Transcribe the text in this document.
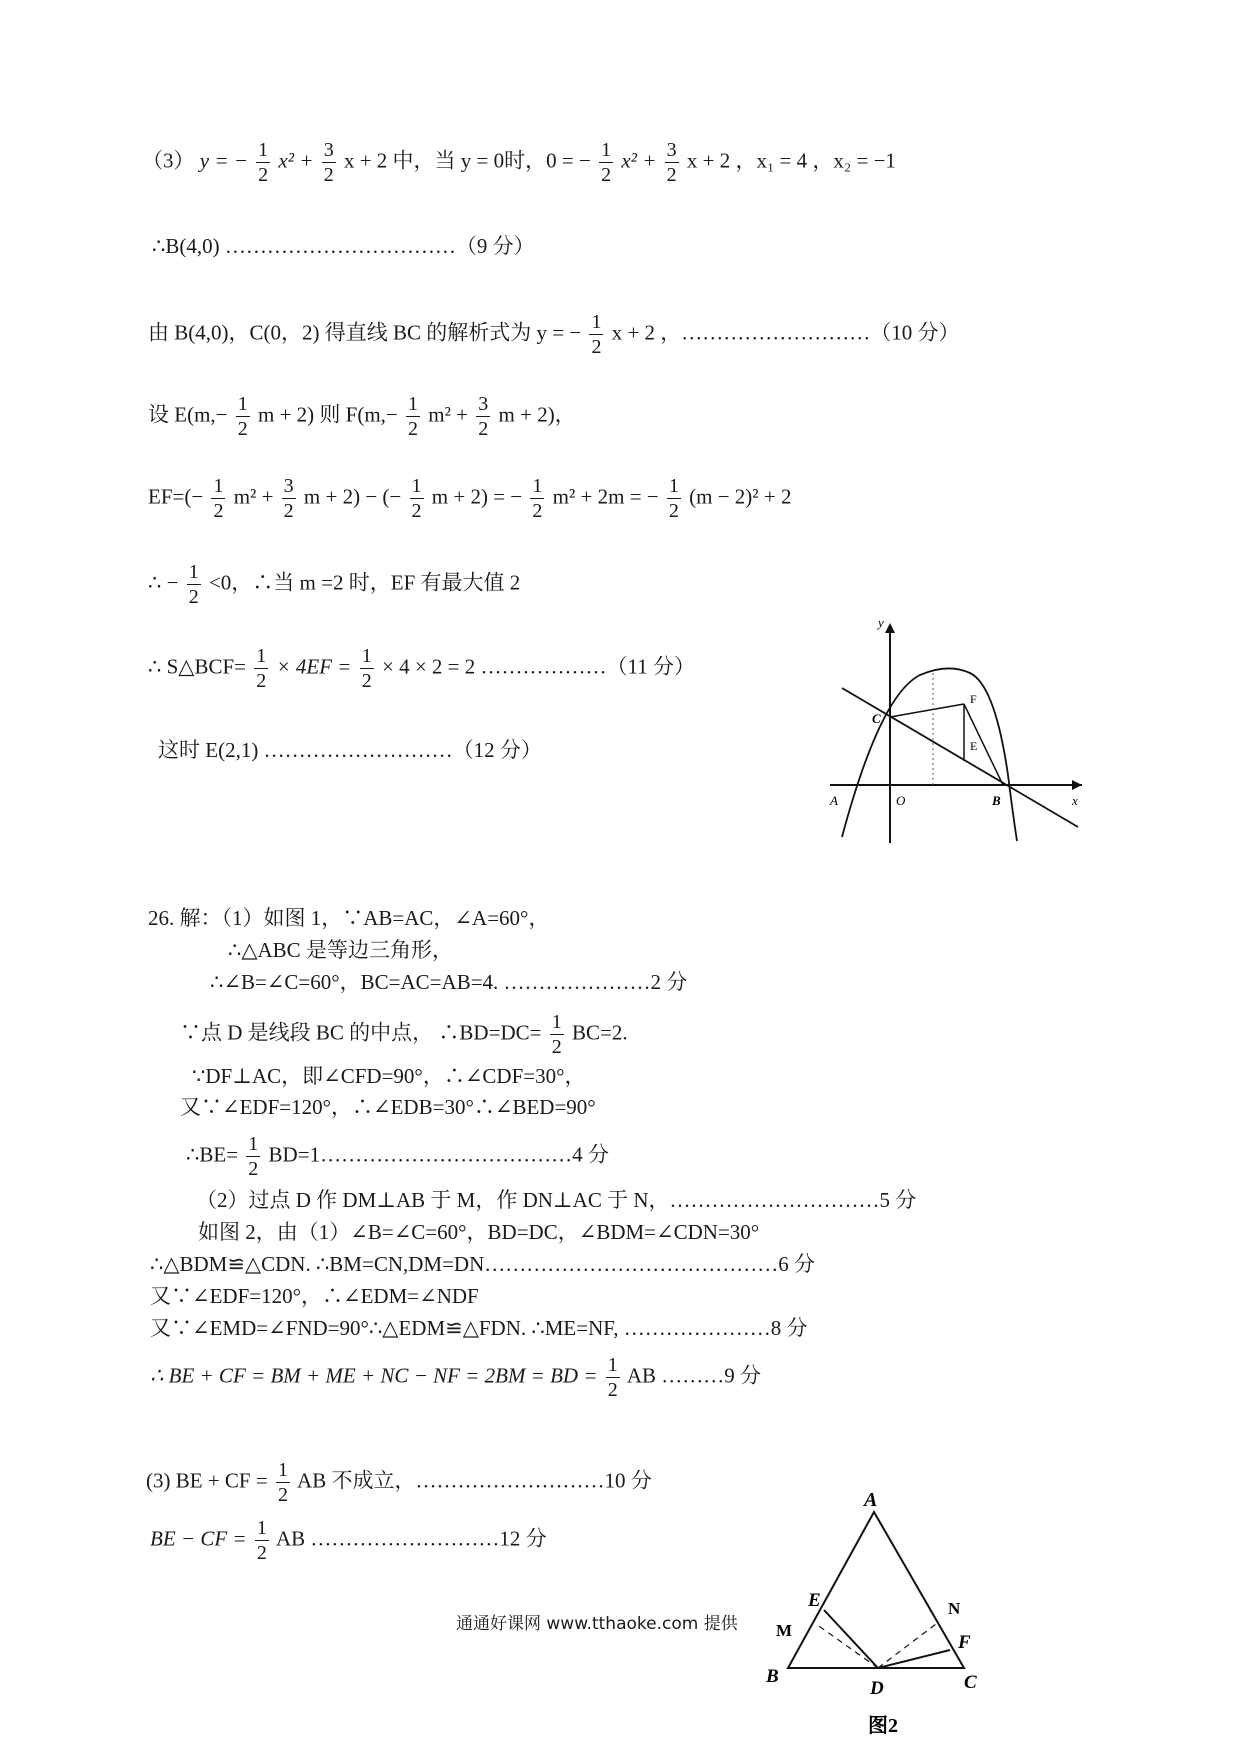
（3） y = − $\frac{1}{2} x^2 + \frac{3}{2}$ x + 2 中，当 y = 0时，0 = − $\frac{1}{2} x^2 + \frac{3}{2}$ x + 2 ，x₁ = 4 ，x₂ = −1
∴B(4,0) ……………………………（9 分）
由 B(4,0)，C(0，2) 得直线 BC 的解析式为 y = − $\frac{1}{2}$ x + 2 ，………………………（10 分）
设 $E(m,- \frac{1}{2}$ m + 2) 则 $F(m,- \frac{1}{2} m^2 + \frac{3}{2}$ m + 2)，
$EF=(- \frac{1}{2} m^2 + \frac{3}{2}$ m + 2) − (− $\frac{1}{2}$ m + 2) = − $\frac{1}{2} m^2 + 2m$ = − $\frac{1}{2} (m - 2)^2 + 2$
∴ − $\frac{1}{2} <0$，∴当 m =2 时，EF 有最大值 2
∴ S△BCF= $\frac{1}{2} \times 4EF = \frac{1}{2} \times 4 \times 2 = 2$ ………………（11 分）
这时 E(2,1) ………………………（12 分）
y
x
C
F
E
A	O	B
26. 解：（1）如图 1，∵AB=AC，∠A=60°，
∴△ABC 是等边三角形，
∴∠B=∠C=60°，BC=AC=AB=4. …………………2 分
∵点 D 是线段 BC 的中点， ∴BD=DC= $\frac{1}{2} BC=2$.
∵DF⊥AC，即∠CFD=90°，∴∠CDF=30°，
又∵∠EDF=120°，∴∠EDB=30°∴∠BED=90°
∴BE= $\frac{1}{2}$ BD=1………………………………4 分
（2）过点 D 作 DM⊥AB 于 M，作 DN⊥AC 于 N，…………………………5 分
如图 2，由（1）∠B=∠C=60°，BD=DC，∠BDM=∠CDN=30°
∴△BDM≌△CDN. ∴BM=CN,DM=DN……………………………………6 分
又∵∠EDF=120°，∴∠EDM=∠NDF
又∵∠EMD=∠FND=90°∴△EDM≌△FDN. ∴ME=NF, …………………8 分
∴ BE + CF = BM + ME + NC − NF = 2BM = BD = $\frac{1}{2}$ AB ………9 分
(3) BE + CF = $\frac{1}{2}$ AB 不成立，………………………10 分
BE − CF = $\frac{1}{2}$ AB ………………………12 分
通通好课网 www.tthaoke.com 提供
A
E
M
N
F
B
D	C
图2
